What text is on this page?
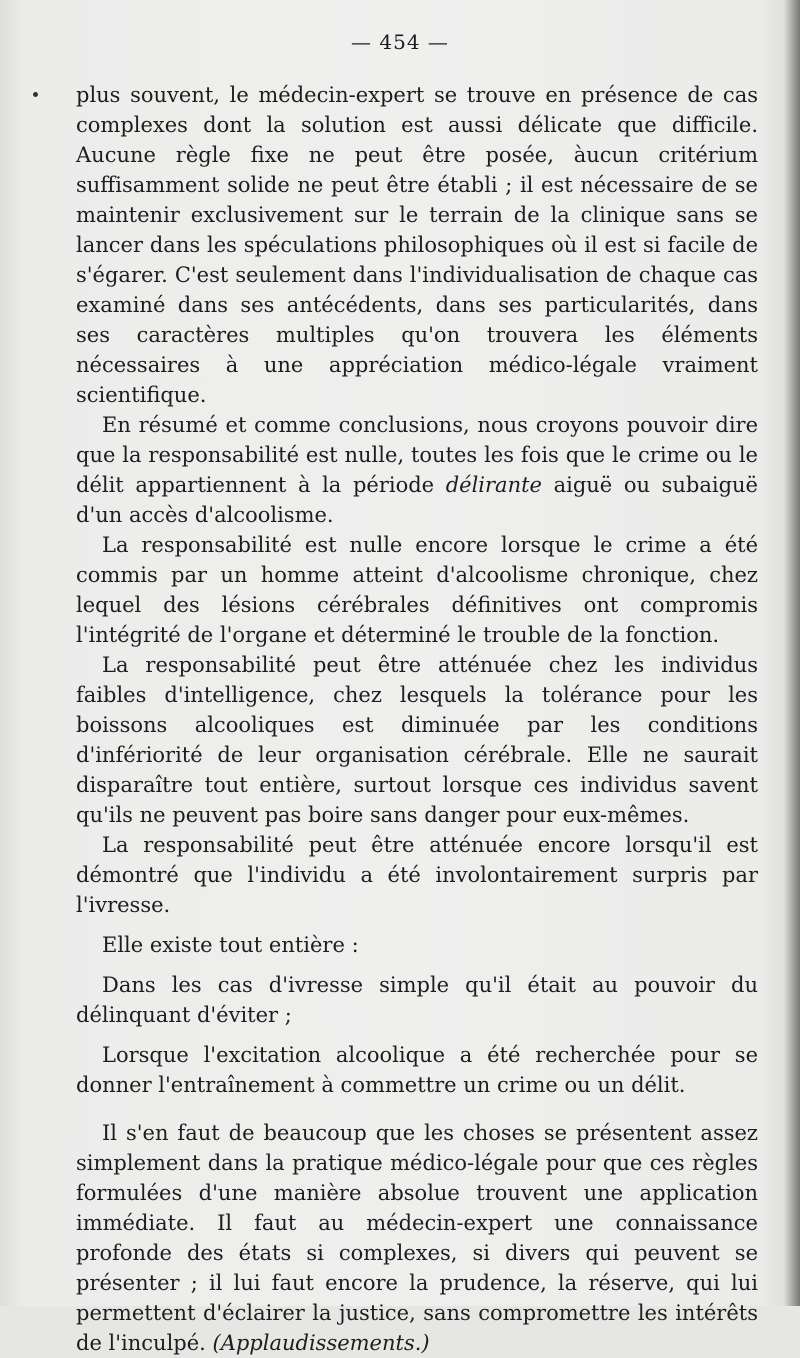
— 454 —

plus souvent, le médecin-expert se trouve en présence de cas complexes dont la solution est aussi délicate que difficile. Aucune règle fixe ne peut être posée, àucun critérium suffisamment solide ne peut être établi ; il est nécessaire de se maintenir exclusivement sur le terrain de la clinique sans se lancer dans les spéculations philosophiques où il est si facile de s'égarer. C'est seulement dans l'individualisation de chaque cas examiné dans ses antécédents, dans ses particularités, dans ses caractères multiples qu'on trouvera les éléments nécessaires à une appréciation médico-légale vraiment scientifique.

En résumé et comme conclusions, nous croyons pouvoir dire que la responsabilité est nulle, toutes les fois que le crime ou le délit appartiennent à la période délirante aiguë ou subaiguë d'un accès d'alcoolisme.

La responsabilité est nulle encore lorsque le crime a été commis par un homme atteint d'alcoolisme chronique, chez lequel des lésions cérébrales définitives ont compromis l'intégrité de l'organe et déterminé le trouble de la fonction.

La responsabilité peut être atténuée chez les individus faibles d'intelligence, chez lesquels la tolérance pour les boissons alcooliques est diminuée par les conditions d'infériorité de leur organisation cérébrale. Elle ne saurait disparaître tout entière, surtout lorsque ces individus savent qu'ils ne peuvent pas boire sans danger pour eux-mêmes.

La responsabilité peut être atténuée encore lorsqu'il est démontré que l'individu a été involontairement surpris par l'ivresse.

Elle existe tout entière :

Dans les cas d'ivresse simple qu'il était au pouvoir du délinquant d'éviter ;

Lorsque l'excitation alcoolique a été recherchée pour se donner l'entraînement à commettre un crime ou un délit.

Il s'en faut de beaucoup que les choses se présentent assez simplement dans la pratique médico-légale pour que ces règles formulées d'une manière absolue trouvent une application immédiate. Il faut au médecin-expert une connaissance profonde des états si complexes, si divers qui peuvent se présenter ; il lui faut encore la prudence, la réserve, qui lui permettent d'éclairer la justice, sans compromettre les intérêts de l'inculpé. (Applaudissements.)
